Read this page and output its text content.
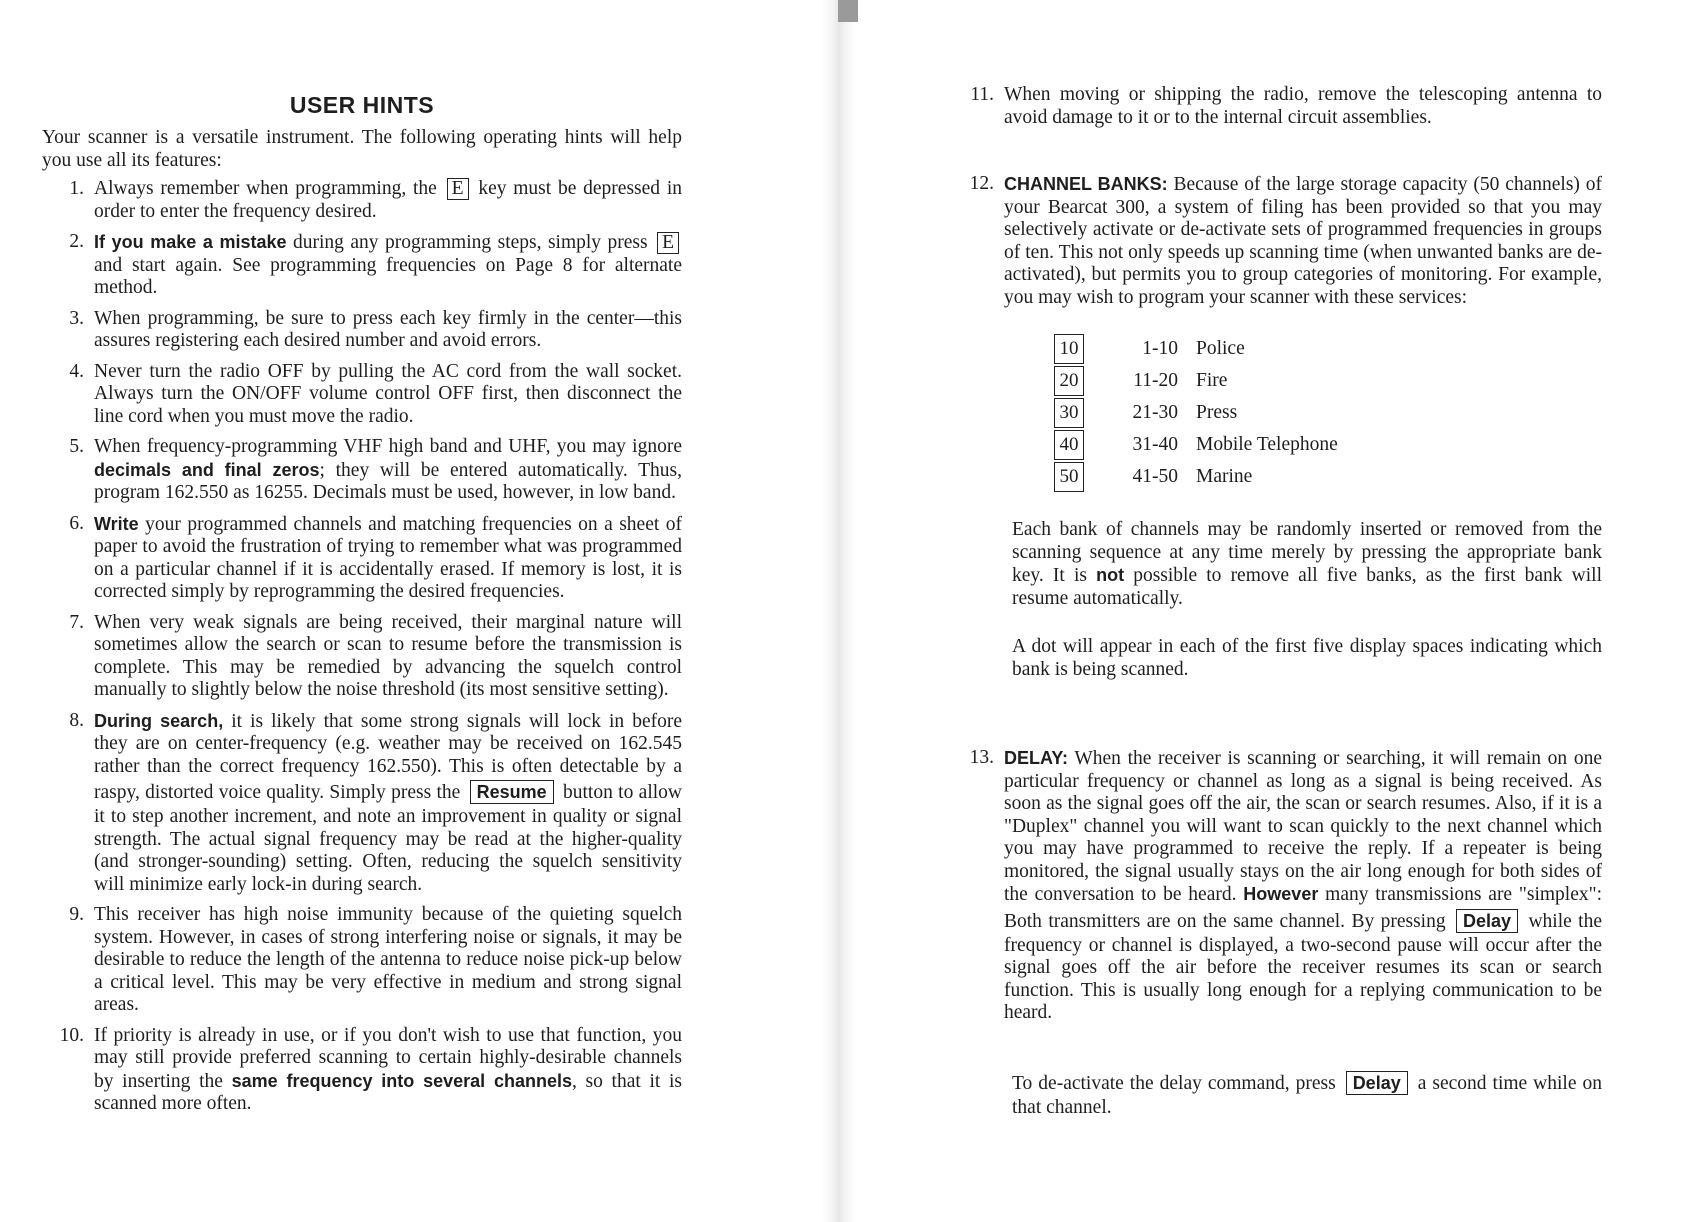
USER HINTS

Your scanner is a versatile instrument. The following operating hints will help you use all its features:

1. Always remember when programming, the E key must be depressed in order to enter the frequency desired.
2. If you make a mistake during any programming steps, simply press E and start again. See programming frequencies on Page 8 for alternate method.
3. When programming, be sure to press each key firmly in the center—this assures registering each desired number and avoid errors.
4. Never turn the radio OFF by pulling the AC cord from the wall socket. Always turn the ON/OFF volume control OFF first, then disconnect the line cord when you must move the radio.
5. When frequency-programming VHF high band and UHF, you may ignore decimals and final zeros; they will be entered automatically. Thus, program 162.550 as 16255. Decimals must be used, however, in low band.
6. Write your programmed channels and matching frequencies on a sheet of paper to avoid the frustration of trying to remember what was programmed on a particular channel if it is accidentally erased. If memory is lost, it is corrected simply by reprogramming the desired frequencies.
7. When very weak signals are being received, their marginal nature will sometimes allow the search or scan to resume before the transmission is complete. This may be remedied by advancing the squelch control manually to slightly below the noise threshold (its most sensitive setting).
8. During search, it is likely that some strong signals will lock in before they are on center-frequency (e.g. weather may be received on 162.545 rather than the correct frequency 162.550). This is often detectable by a raspy, distorted voice quality. Simply press the Resume button to allow it to step another increment, and note an improvement in quality or signal strength. The actual signal frequency may be read at the higher-quality (and stronger-sounding) setting. Often, reducing the squelch sensitivity will minimize early lock-in during search.
9. This receiver has high noise immunity because of the quieting squelch system. However, in cases of strong interfering noise or signals, it may be desirable to reduce the length of the antenna to reduce noise pick-up below a critical level. This may be very effective in medium and strong signal areas.
10. If priority is already in use, or if you don't wish to use that function, you may still provide preferred scanning to certain highly-desirable channels by inserting the same frequency into several channels, so that it is scanned more often.
11. When moving or shipping the radio, remove the telescoping antenna to avoid damage to it or to the internal circuit assemblies.
12. CHANNEL BANKS: Because of the large storage capacity (50 channels) of your Bearcat 300, a system of filing has been provided so that you may selectively activate or de-activate sets of programmed frequencies in groups of ten. This not only speeds up scanning time (when unwanted banks are de-activated), but permits you to group categories of monitoring. For example, you may wish to program your scanner with these services:
10	1-10 Police
20	11-20 Fire
30	21-30 Press
40	31-40 Mobile Telephone
50	41-50 Marine

Each bank of channels may be randomly inserted or removed from the scanning sequence at any time merely by pressing the appropriate bank key. It is not possible to remove all five banks, as the first bank will resume automatically.

A dot will appear in each of the first five display spaces indicating which bank is being scanned.

13. DELAY: When the receiver is scanning or searching, it will remain on one particular frequency or channel as long as a signal is being received. As soon as the signal goes off the air, the scan or search resumes. Also, if it is a "Duplex" channel you will want to scan quickly to the next channel which you may have programmed to receive the reply. If a repeater is being monitored, the signal usually stays on the air long enough for both sides of the conversation to be heard. However many transmissions are "simplex": Both transmitters are on the same channel. By pressing Delay while the frequency or channel is displayed, a two-second pause will occur after the signal goes off the air before the receiver resumes its scan or search function. This is usually long enough for a replying communication to be heard.

To de-activate the delay command, press Delay a second time while on that channel.
